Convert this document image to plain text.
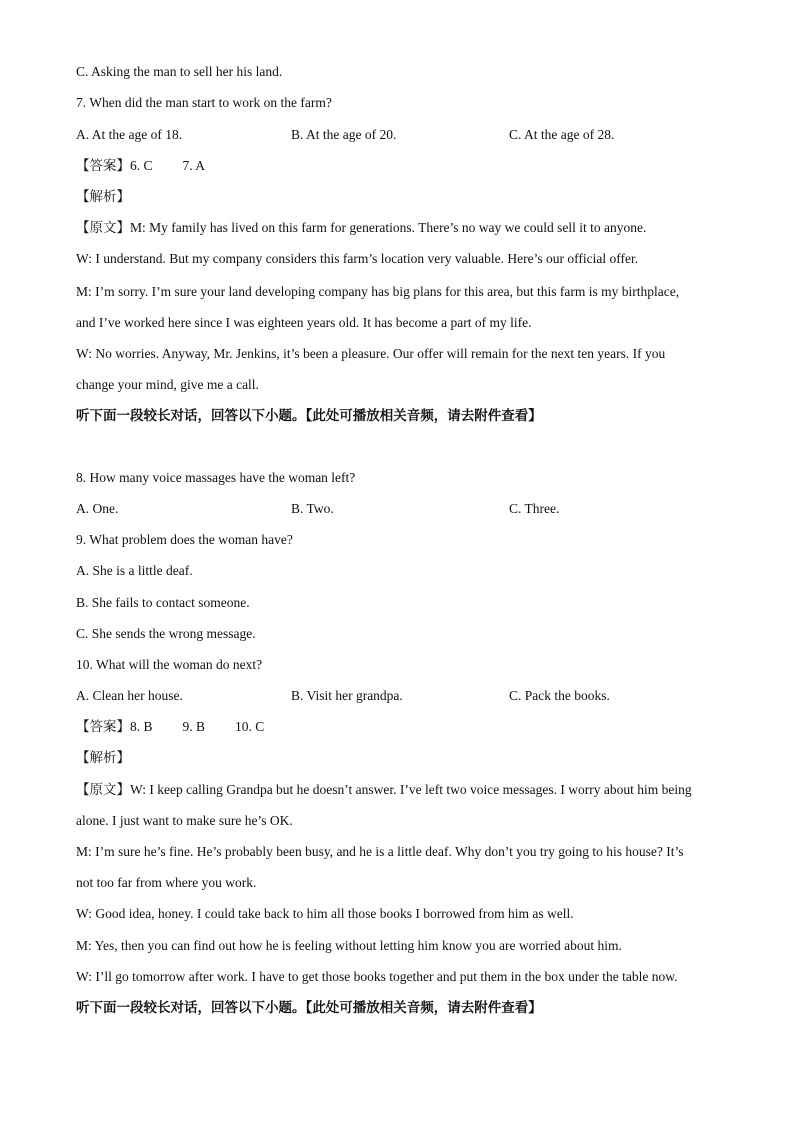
C. Asking the man to sell her his land.
7. When did the man start to work on the farm?
A. At the age of 18.	B. At the age of 20.	C. At the age of 28.
【答案】6. C 7. A
【解析】
【原文】M: My family has lived on this farm for generations. There’s no way we could sell it to anyone.
W: I understand. But my company considers this farm’s location very valuable. Here’s our official offer.
M: I’m sorry. I’m sure your land developing company has big plans for this area, but this farm is my birthplace,
and I’ve worked here since I was eighteen years old. It has become a part of my life.
W: No worries. Anyway, Mr. Jenkins, it’s been a pleasure. Our offer will remain for the next ten years. If you
change your mind, give me a call.
听下面一段较长对话，回答以下小题。【此处可播放相关音频，请去附件查看】
8. How many voice massages have the woman left?
A. One.	B. Two.	C. Three.
9. What problem does the woman have?
A. She is a little deaf.
B. She fails to contact someone.
C. She sends the wrong message.
10. What will the woman do next?
A. Clean her house.	B. Visit her grandpa.	C. Pack the books.
【答案】8. B 9. B 10. C
【解析】
【原文】W: I keep calling Grandpa but he doesn’t answer. I’ve left two voice messages. I worry about him being
alone. I just want to make sure he’s OK.
M: I’m sure he’s fine. He’s probably been busy, and he is a little deaf. Why don’t you try going to his house? It’s
not too far from where you work.
W: Good idea, honey. I could take back to him all those books I borrowed from him as well.
M: Yes, then you can find out how he is feeling without letting him know you are worried about him.
W: I’ll go tomorrow after work. I have to get those books together and put them in the box under the table now.
听下面一段较长对话，回答以下小题。【此处可播放相关音频，请去附件查看】
